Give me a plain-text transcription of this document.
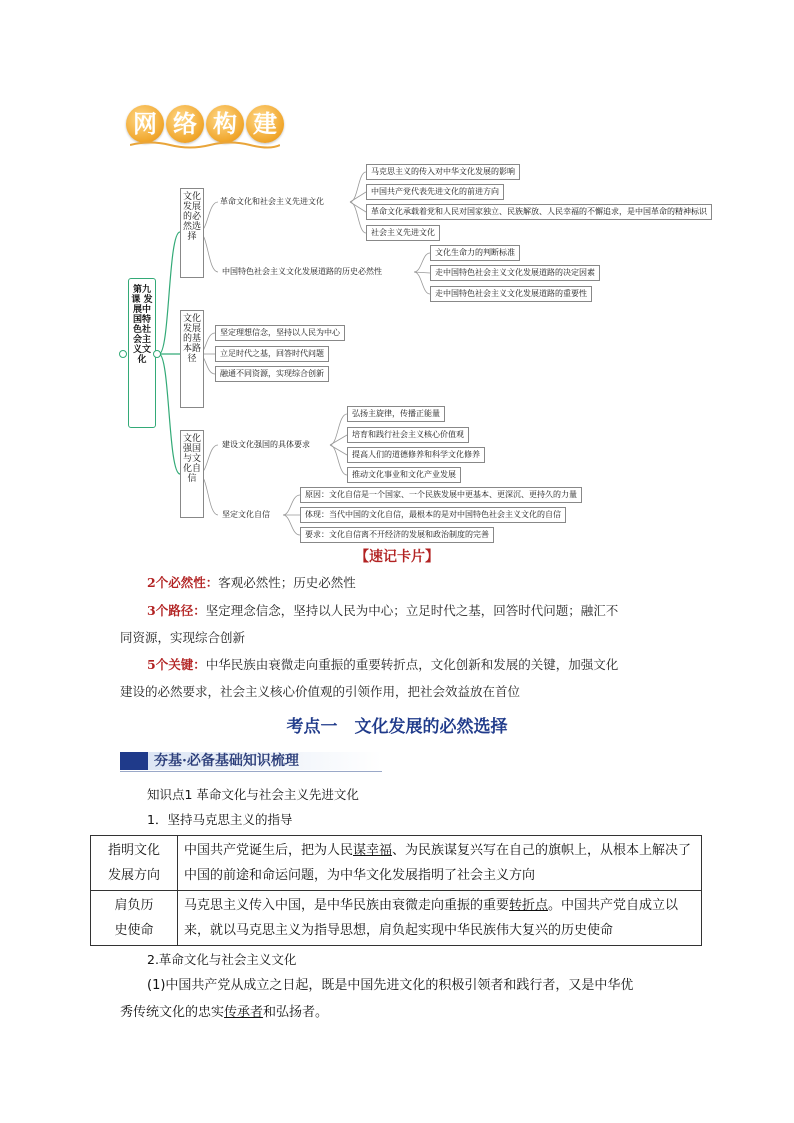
网 络 构 建
第九课 发展中国特色社会主义文化
文化发展的必然选择
文化发展的基本路径
文化强国与文化自信
革命文化和社会主义先进文化
中国特色社会主义文化发展道路的历史必然性
马克思主义的传入对中华文化发展的影响
中国共产党代表先进文化的前进方向
革命文化承载着党和人民对国家独立、民族解放、人民幸福的不懈追求，是中国革命的精神标识
社会主义先进文化
文化生命力的判断标准
走中国特色社会主义文化发展道路的决定因素
走中国特色社会主义文化发展道路的重要性
坚定理想信念，坚持以人民为中心
立足时代之基，回答时代问题
融通不同资源，实现综合创新
建设文化强国的具体要求
坚定文化自信
弘扬主旋律，传播正能量
培育和践行社会主义核心价值观
提高人们的道德修养和科学文化修养
推动文化事业和文化产业发展
原因：文化自信是一个国家、一个民族发展中更基本、更深沉、更持久的力量
体现：当代中国的文化自信，最根本的是对中国特色社会主义文化的自信
要求：文化自信离不开经济的发展和政治制度的完善
【速记卡片】
2个必然性：客观必然性；历史必然性
3个路径：坚定理念信念，坚持以人民为中心；立足时代之基，回答时代问题；融汇不
同资源，实现综合创新
5个关键：中华民族由衰微走向重振的重要转折点，文化创新和发展的关键，加强文化
建设的必然要求，社会主义核心价值观的引领作用，把社会效益放在首位
考点一　文化发展的必然选择
夯基·必备基础知识梳理
知识点1 革命文化与社会主义先进文化
1．坚持马克思主义的指导
指明文化
发展方向	中国共产党诞生后，把为人民谋幸福、为民族谋复兴写在自己的旗帜上，从根本上解决了中国的前途和命运问题，为中华文化发展指明了社会主义方向

肩负历
史使命	马克思主义传入中国，是中华民族由衰微走向重振的重要转折点。中国共产党自成立以来，就以马克思主义为指导思想，肩负起实现中华民族伟大复兴的历史使命
2.革命文化与社会主义文化
(1)中国共产党从成立之日起，既是中国先进文化的积极引领者和践行者，又是中华优
秀传统文化的忠实传承者和弘扬者。
